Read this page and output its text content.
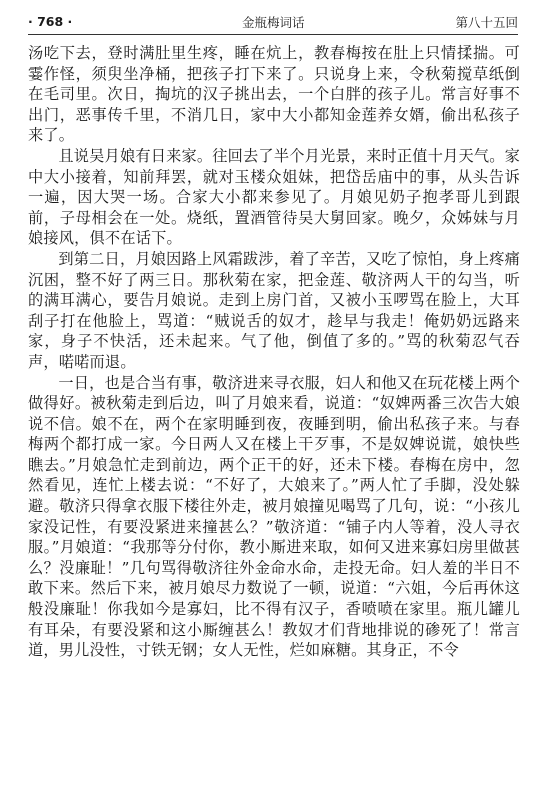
· 768 ·	金瓶梅词话	第八十五回

汤吃下去，登时满肚里生疼，睡在炕上，教春梅按在肚上只情揉揣。可霎作怪，须臾坐净桶，把孩子打下来了。只说身上来，令秋菊搅草纸倒在毛司里。次日，掏坑的汉子挑出去，一个白胖的孩子儿。常言好事不出门，恶事传千里，不消几日，家中大小都知金莲养女婿，偷出私孩子来了。

且说吴月娘有日来家。往回去了半个月光景，来时正值十月天气。家中大小接着，知前拜罢，就对玉楼众姐妹，把岱岳庙中的事，从头告诉一遍，因大哭一场。合家大小都来参见了。月娘见奶子抱孝哥儿到跟前，子母相会在一处。烧纸，置酒管待吴大舅回家。晚夕，众姊妹与月娘接风，俱不在话下。

到第二日，月娘因路上风霜跋涉，着了辛苦，又吃了惊怕，身上疼痛沉困，整不好了两三日。那秋菊在家，把金莲、敬济两人干的勾当，听的满耳满心，要告月娘说。走到上房门首，又被小玉啰骂在脸上，大耳刮子打在他脸上，骂道：“贼说舌的奴才，趁早与我走！俺奶奶远路来家，身子不快活，还未起来。气了他，倒值了多的。”骂的秋菊忍气吞声，喏喏而退。

一日，也是合当有事，敬济进来寻衣服，妇人和他又在玩花楼上两个做得好。被秋菊走到后边，叫了月娘来看，说道：“奴婢两番三次告大娘说不信。娘不在，两个在家明睡到夜，夜睡到明，偷出私孩子来。与春梅两个都打成一家。今日两人又在楼上干歹事，不是奴婢说谎，娘快些瞧去。”月娘急忙走到前边，两个正干的好，还未下楼。春梅在房中，忽然看见，连忙上楼去说：“不好了，大娘来了。”两人忙了手脚，没处躲避。敬济只得拿衣服下楼往外走，被月娘撞见喝骂了几句，说：“小孩儿家没记性，有要没紧进来撞甚么？”敬济道：“铺子内人等着，没人寻衣服。”月娘道：“我那等分付你，教小厮进来取，如何又进来寡妇房里做甚么？没廉耻！”几句骂得敬济往外金命水命，走投无命。妇人羞的半日不敢下来。然后下来，被月娘尽力数说了一顿，说道：“六姐，今后再休这般没廉耻！你我如今是寡妇，比不得有汉子，香喷喷在家里。瓶儿罐儿有耳朵，有要没紧和这小厮缠甚么！教奴才们背地排说的碜死了！常言道，男儿没性，寸铁无钢；女人无性，烂如麻糖。其身正，不令
